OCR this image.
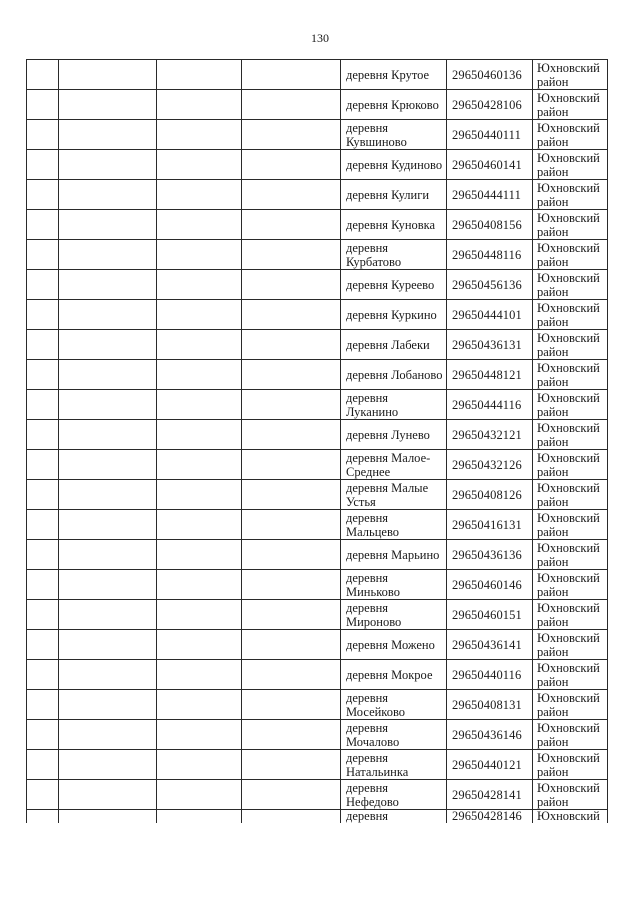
130
				деревня Крутое	29650460136	Юхновский район
				деревня Крюково	29650428106	Юхновский район
				деревня Кувшиново	29650440111	Юхновский район
				деревня Кудиново	29650460141	Юхновский район
				деревня Кулиги	29650444111	Юхновский район
				деревня Куновка	29650408156	Юхновский район
				деревня Курбатово	29650448116	Юхновский район
				деревня Куреево	29650456136	Юхновский район
				деревня Куркино	29650444101	Юхновский район
				деревня Лабеки	29650436131	Юхновский район
				деревня Лобаново	29650448121	Юхновский район
				деревня Луканино	29650444116	Юхновский район
				деревня Лунево	29650432121	Юхновский район
				деревня Малое-Среднее	29650432126	Юхновский район
				деревня Малые Устья	29650408126	Юхновский район
				деревня Мальцево	29650416131	Юхновский район
				деревня Марьино	29650436136	Юхновский район
				деревня Миньково	29650460146	Юхновский район
				деревня Мироново	29650460151	Юхновский район
				деревня Можено	29650436141	Юхновский район
				деревня Мокрое	29650440116	Юхновский район
				деревня Мосейково	29650408131	Юхновский район
				деревня Мочалово	29650436146	Юхновский район
				деревня Натальинка	29650440121	Юхновский район
				деревня Нефедово	29650428141	Юхновский район
				деревня	29650428146	Юхновский
